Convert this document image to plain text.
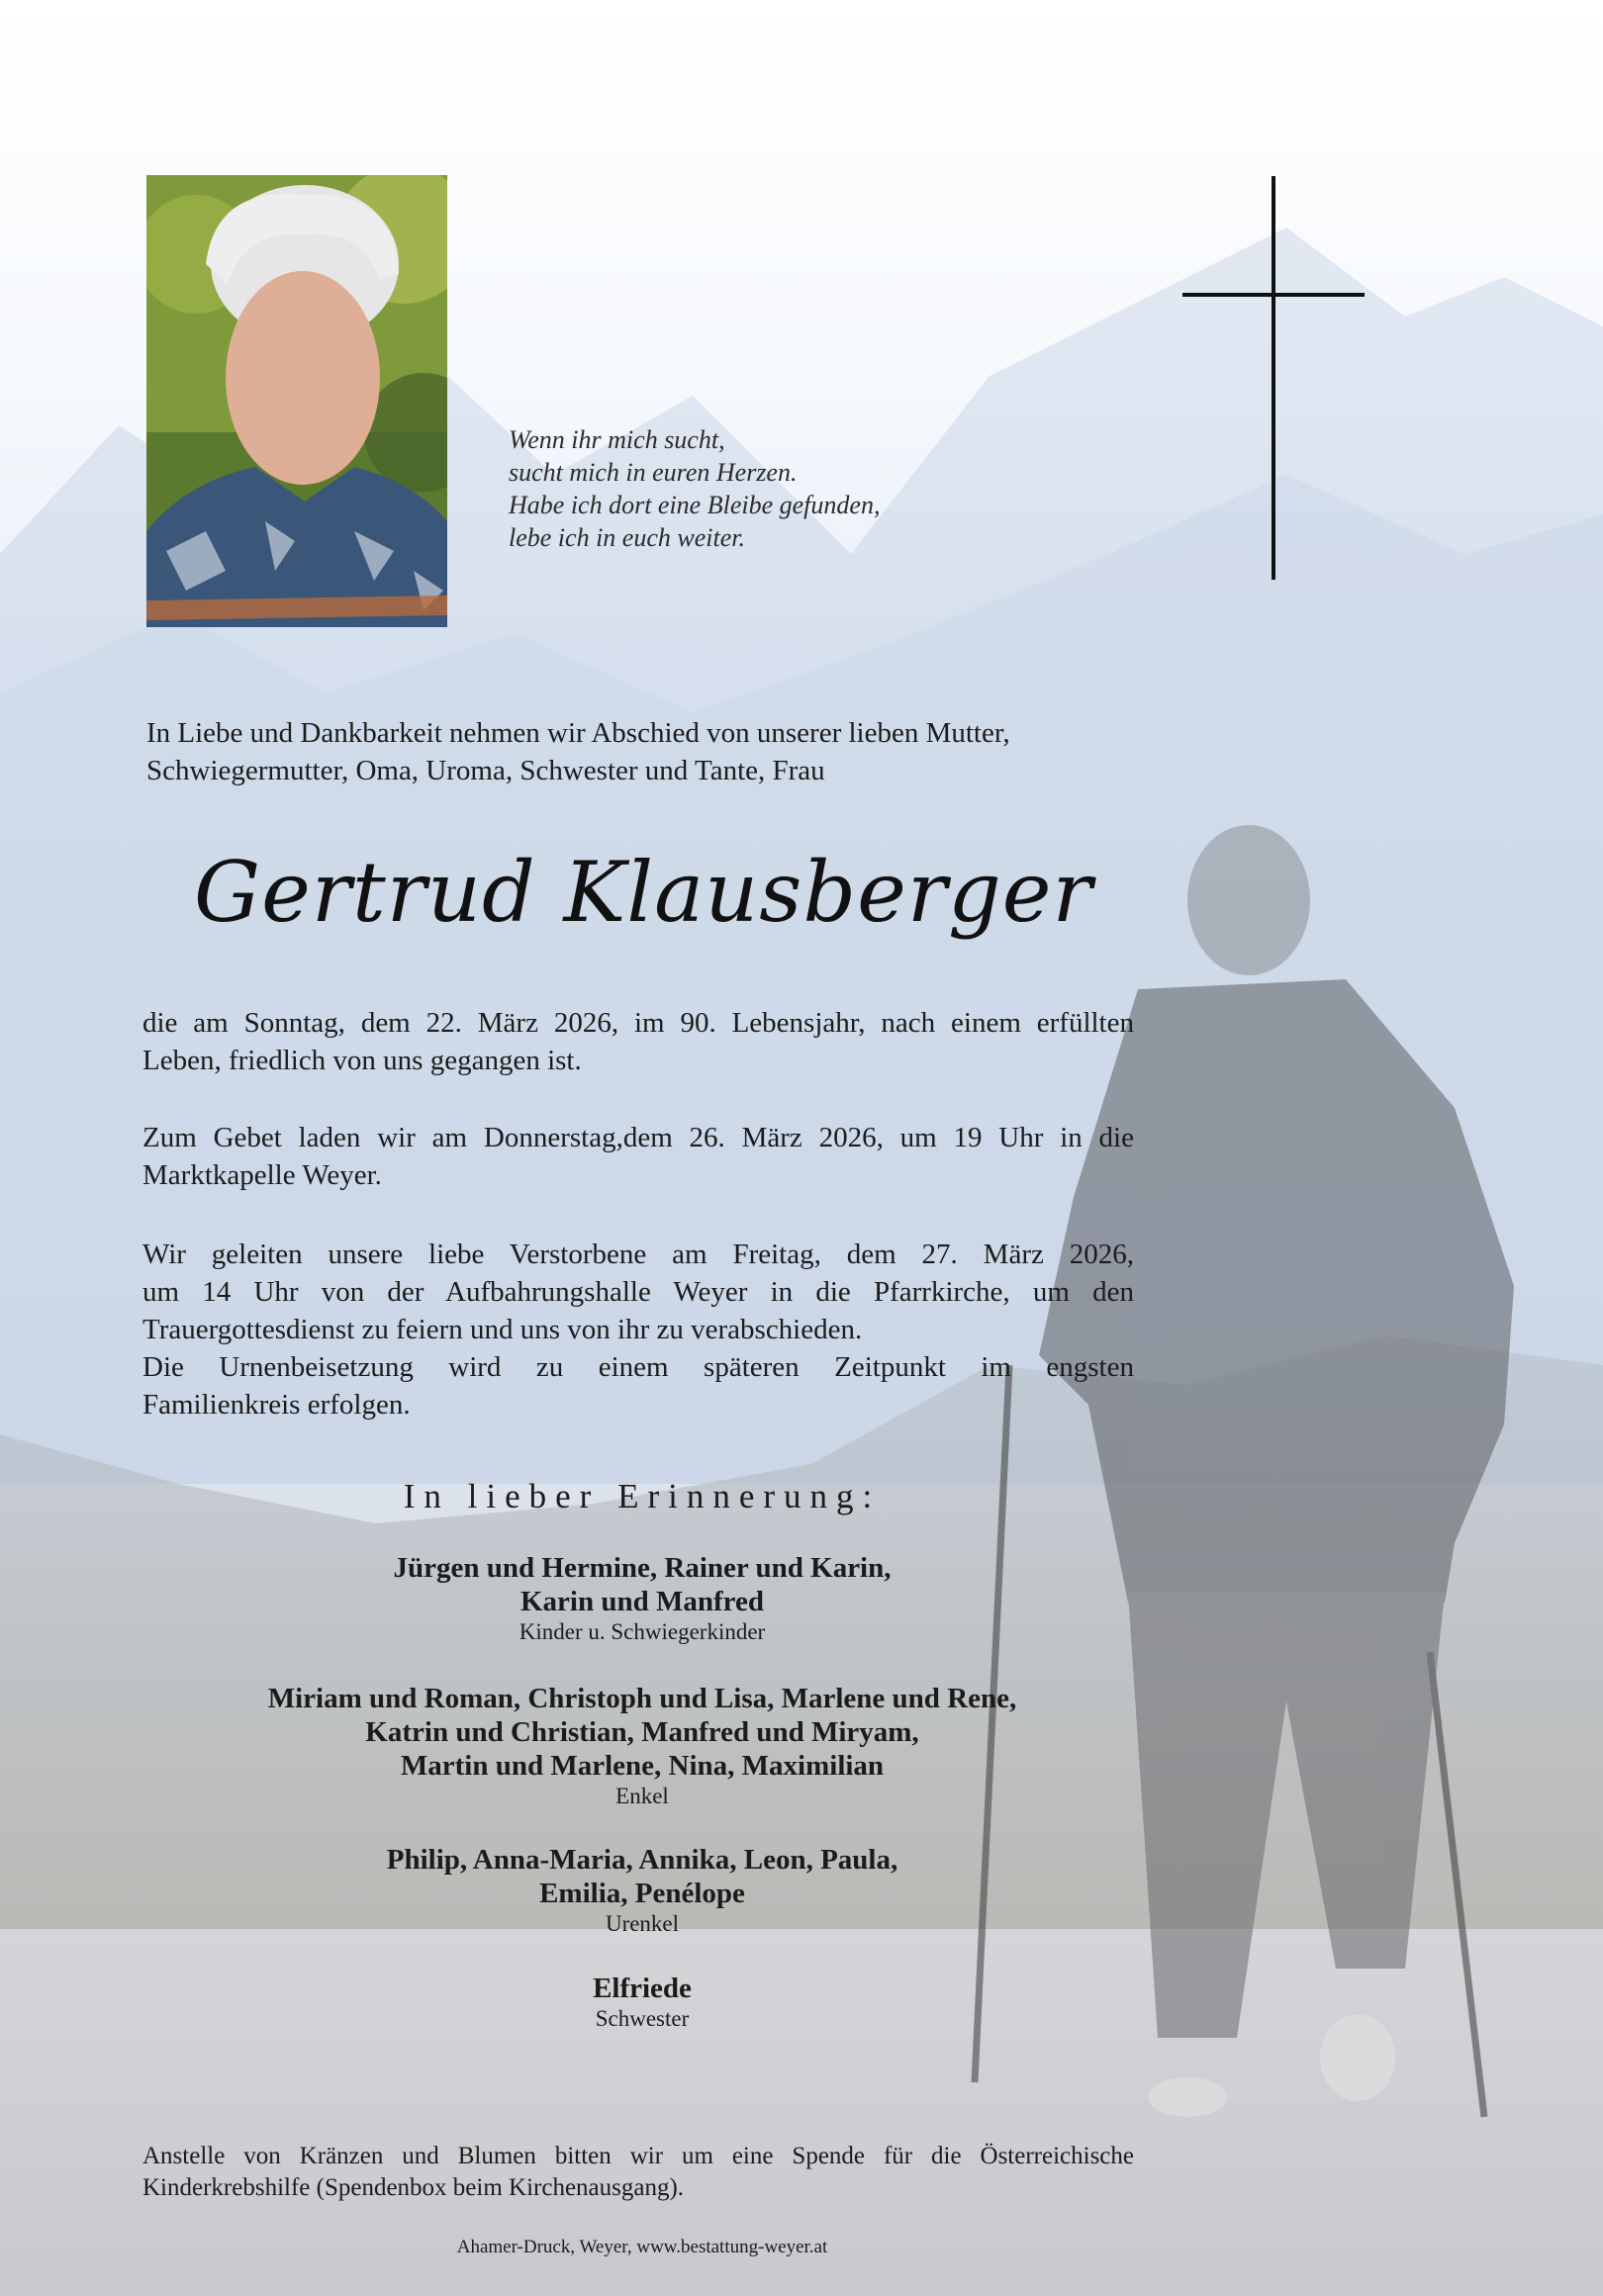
Wenn ihr mich sucht,
sucht mich in euren Herzen.
Habe ich dort eine Bleibe gefunden,
lebe ich in euch weiter.
In Liebe und Dankbarkeit nehmen wir Abschied von unserer lieben Mutter,
Schwiegermutter, Oma, Uroma, Schwester und Tante, Frau
Gertrud Klausberger
die am Sonntag, dem 22. März 2026, im 90. Lebensjahr, nach einem erfüllten
Leben, friedlich von uns gegangen ist.
Zum Gebet laden wir am Donnerstag,dem 26. März 2026, um 19 Uhr in die
Marktkapelle Weyer.
Wir geleiten unsere liebe Verstorbene am Freitag, dem 27. März 2026,
um 14 Uhr von der Aufbahrungshalle Weyer in die Pfarrkirche, um den
Trauergottesdienst zu feiern und uns von ihr zu verabschieden.
Die Urnenbeisetzung wird zu einem späteren Zeitpunkt im engsten
Familienkreis erfolgen.
In lieber Erinnerung:
Jürgen und Hermine, Rainer und Karin,
Karin und Manfred
Kinder u. Schwiegerkinder
Miriam und Roman, Christoph und Lisa, Marlene und Rene,
Katrin und Christian, Manfred und Miryam,
Martin und Marlene, Nina, Maximilian
Enkel
Philip, Anna-Maria, Annika, Leon, Paula,
Emilia, Penélope
Urenkel
Elfriede
Schwester
Anstelle von Kränzen und Blumen bitten wir um eine Spende für die Österreichische
Kinderkrebshilfe (Spendenbox beim Kirchenausgang).
Ahamer-Druck, Weyer, www.bestattung-weyer.at
